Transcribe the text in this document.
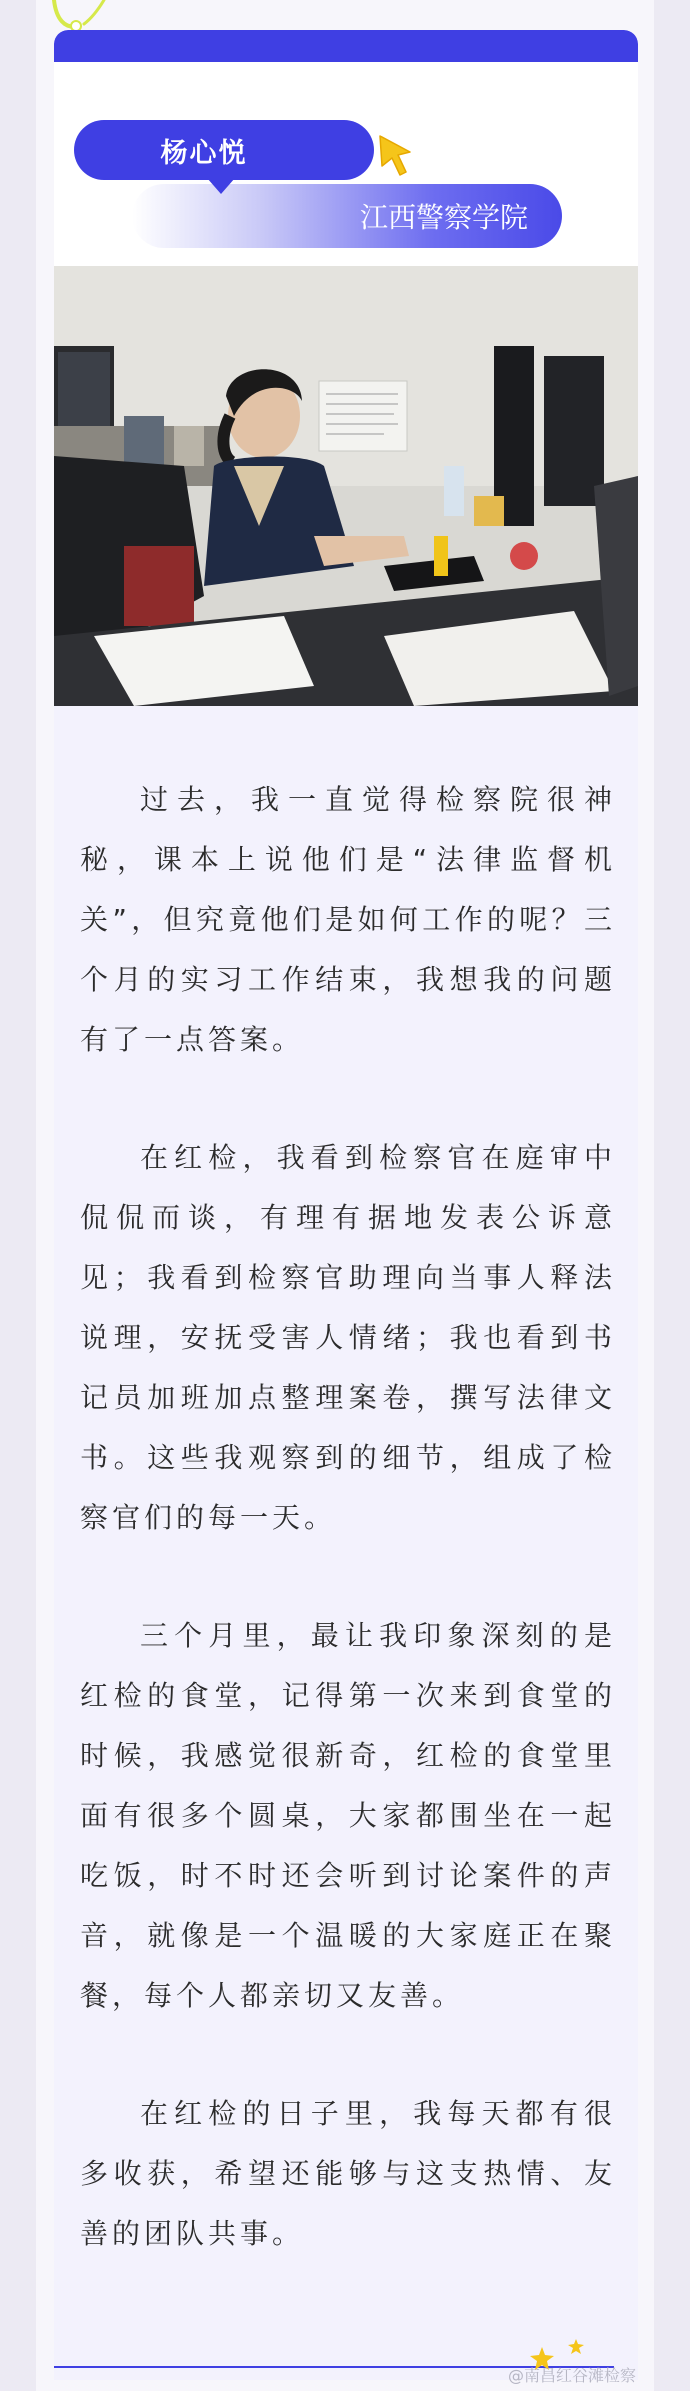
江西警察学院
杨心悦

过去，我一直觉得检察院很神秘，课本上说他们是“法律监督机关”，但究竟他们是如何工作的呢？三个月的实习工作结束，我想我的问题有了一点答案。

在红检，我看到检察官在庭审中侃侃而谈，有理有据地发表公诉意见；我看到检察官助理向当事人释法说理，安抚受害人情绪；我也看到书记员加班加点整理案卷，撰写法律文书。这些我观察到的细节，组成了检察官们的每一天。

三个月里，最让我印象深刻的是红检的食堂，记得第一次来到食堂的时候，我感觉很新奇，红检的食堂里面有很多个圆桌，大家都围坐在一起吃饭，时不时还会听到讨论案件的声音，就像是一个温暖的大家庭正在聚餐，每个人都亲切又友善。

在红检的日子里，我每天都有很多收获，希望还能够与这支热情、友善的团队共事。

@南昌红谷滩检察
